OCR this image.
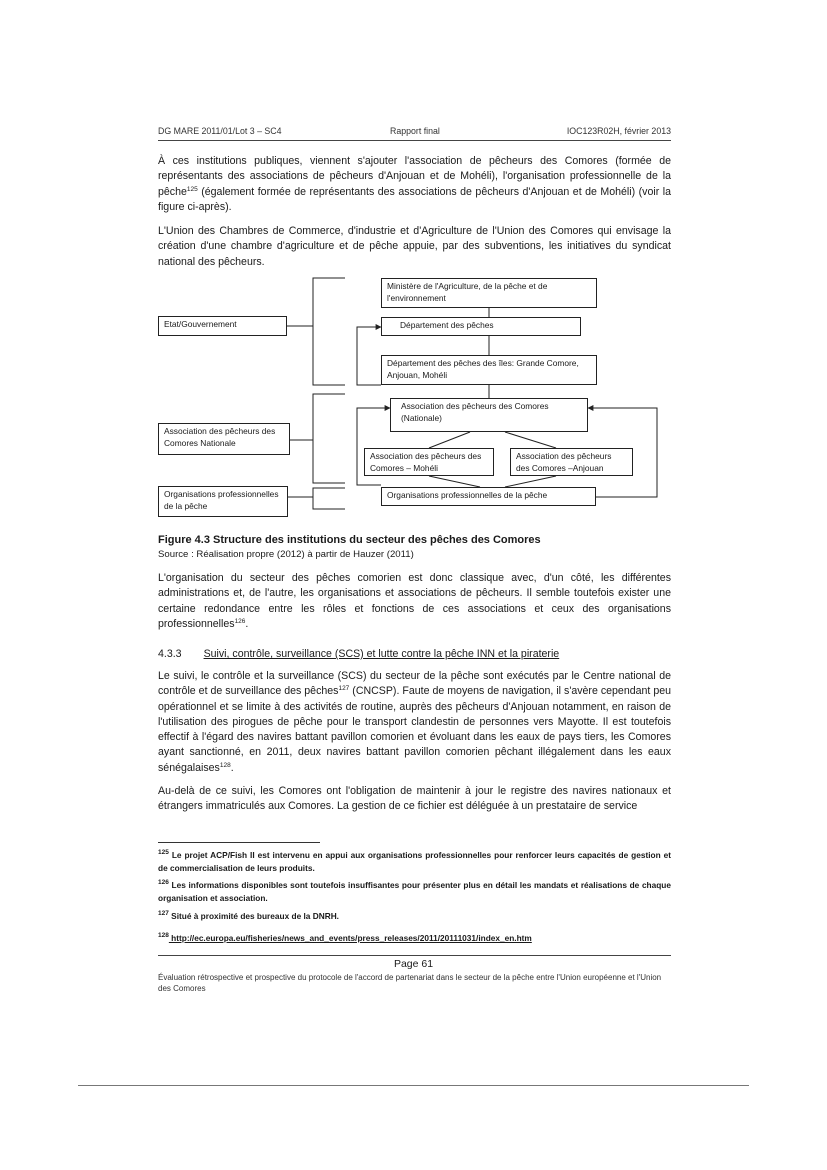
DG MARE 2011/01/Lot 3 – SC4	Rapport final	IOC123R02H, février 2013

À ces institutions publiques, viennent s'ajouter l'association de pêcheurs des Comores (formée de représentants des associations de pêcheurs d'Anjouan et de Mohéli), l'organisation professionnelle de la pêche$^{125}$ (également formée de représentants des associations de pêcheurs d'Anjouan et de Mohéli) (voir la figure ci-après).

L'Union des Chambres de Commerce, d'industrie et d'Agriculture de l'Union des Comores qui envisage la création d'une chambre d'agriculture et de pêche appuie, par des subventions, les initiatives du syndicat national des pêcheurs.

Etat/Gouvernement
Association des pêcheurs des Comores Nationale
Organisations professionnelles de la pêche
Ministère de l'Agriculture, de la pêche et de l'environnement
Département des pêches
Département des pêches des îles: Grande Comore, Anjouan, Mohéli
Association des pêcheurs des Comores (Nationale)
Association des pêcheurs des Comores – Mohéli
Association des pêcheurs des Comores –Anjouan
Organisations professionnelles de la pêche
Figure 4.3 Structure des institutions du secteur des pêches des Comores
Source : Réalisation propre (2012) à partir de Hauzer (2011)

L'organisation du secteur des pêches comorien est donc classique avec, d'un côté, les différentes administrations et, de l'autre, les organisations et associations de pêcheurs. Il semble toutefois exister une certaine redondance entre les rôles et fonctions de ces associations et ceux des organisations professionnelles$^{126}$.

4.3.3 Suivi, contrôle, surveillance (SCS) et lutte contre la pêche INN et la piraterie

Le suivi, le contrôle et la surveillance (SCS) du secteur de la pêche sont exécutés par le Centre national de contrôle et de surveillance des pêches$^{127}$ (CNCSP). Faute de moyens de navigation, il s'avère cependant peu opérationnel et se limite à des activités de routine, auprès des pêcheurs d'Anjouan notamment, en raison de l'utilisation des pirogues de pêche pour le transport clandestin de personnes vers Mayotte. Il est toutefois effectif à l'égard des navires battant pavillon comorien et évoluant dans les eaux de pays tiers, les Comores ayant sanctionné, en 2011, deux navires battant pavillon comorien pêchant illégalement dans les eaux sénégalaises$^{128}$.

Au-delà de ce suivi, les Comores ont l'obligation de maintenir à jour le registre des navires nationaux et étrangers immatriculés aux Comores. La gestion de ce fichier est déléguée à un prestataire de service

$^{125}$ Le projet ACP/Fish II est intervenu en appui aux organisations professionnelles pour renforcer leurs capacités de gestion et de commercialisation de leurs produits.

$^{126}$ Les informations disponibles sont toutefois insuffisantes pour présenter plus en détail les mandats et réalisations de chaque organisation et association.

$^{127}$ Situé à proximité des bureaux de la DNRH.

$^{128}$ http://ec.europa.eu/fisheries/news_and_events/press_releases/2011/20111031/index_en.htm

Page 61
Évaluation rétrospective et prospective du protocole de l'accord de partenariat dans le secteur de la pêche entre l'Union européenne et l'Union des Comores
